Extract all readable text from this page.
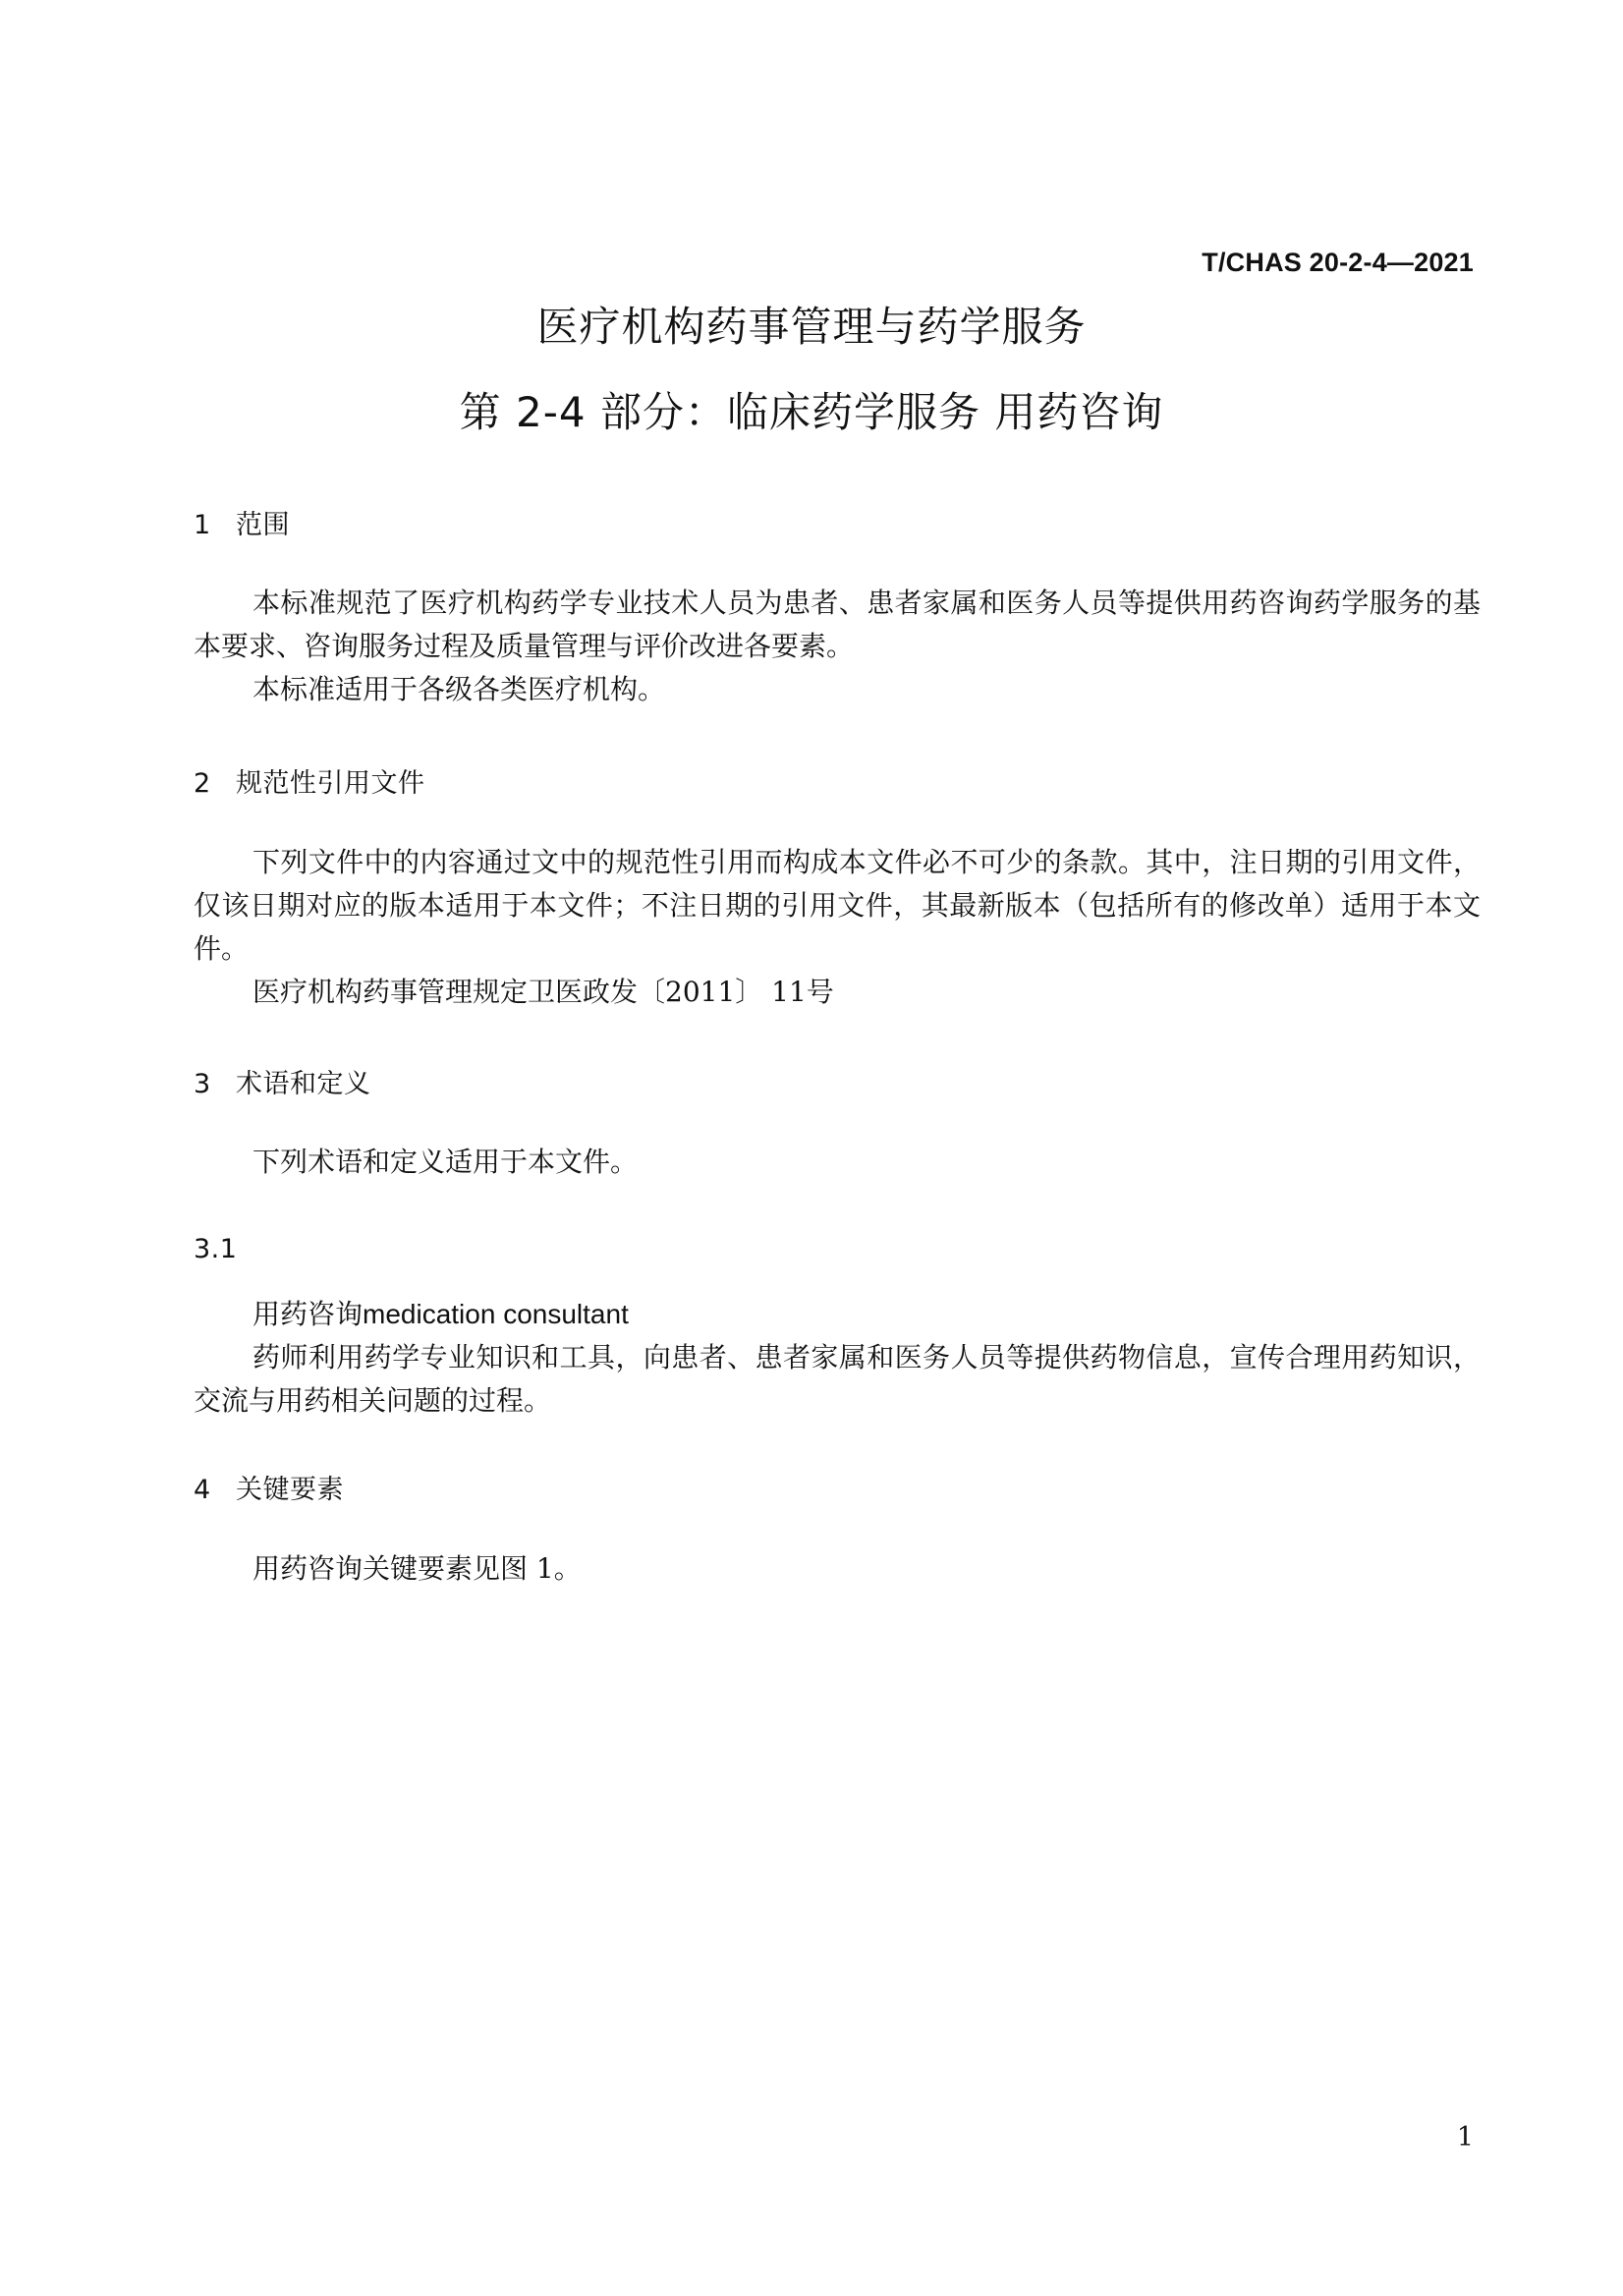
T/CHAS 20-2-4—2021
医疗机构药事管理与药学服务
第 2-4 部分：临床药学服务 用药咨询
1 范围

本标准规范了医疗机构药学专业技术人员为患者、患者家属和医务人员等提供用药咨询药学服务的基本要求、咨询服务过程及质量管理与评价改进各要素。

本标准适用于各级各类医疗机构。

2 规范性引用文件

下列文件中的内容通过文中的规范性引用而构成本文件必不可少的条款。其中，注日期的引用文件，仅该日期对应的版本适用于本文件；不注日期的引用文件，其最新版本（包括所有的修改单）适用于本文件。

医疗机构药事管理规定卫医政发〔2011〕 11号
3 术语和定义

下列术语和定义适用于本文件。

3.1
用药咨询medication consultant

药师利用药学专业知识和工具，向患者、患者家属和医务人员等提供药物信息，宣传合理用药知识，交流与用药相关问题的过程。

4 关键要素

用药咨询关键要素见图 1。

1
